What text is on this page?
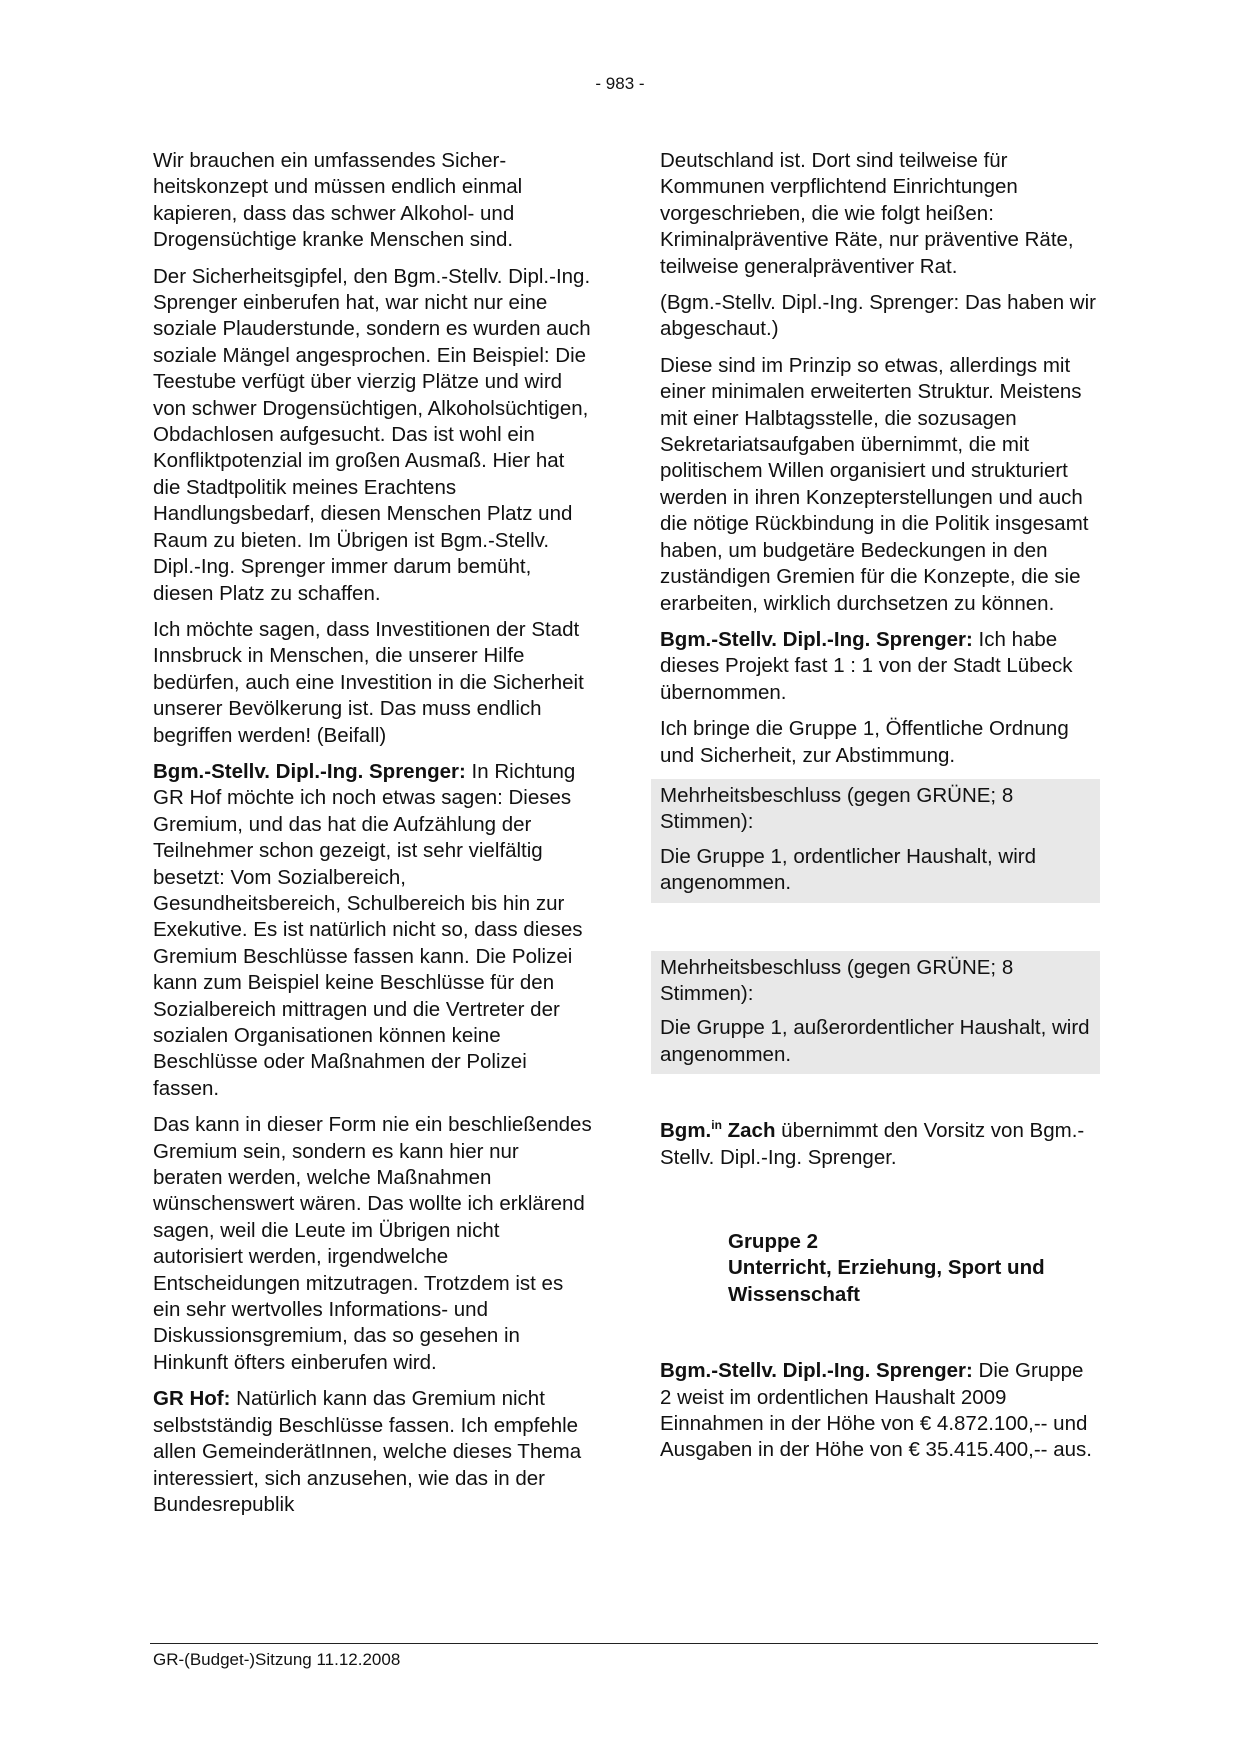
- 983 -

Wir brauchen ein umfassendes Sicherheitskonzept und müssen endlich einmal kapieren, dass das schwer Alkohol- und Drogensüchtige kranke Menschen sind.

Der Sicherheitsgipfel, den Bgm.-Stellv. Dipl.-Ing. Sprenger einberufen hat, war nicht nur eine soziale Plauderstunde, sondern es wurden auch soziale Mängel angesprochen. Ein Beispiel: Die Teestube verfügt über vierzig Plätze und wird von schwer Drogensüchtigen, Alkoholsüchtigen, Obdachlosen aufgesucht. Das ist wohl ein Konfliktpotenzial im großen Ausmaß. Hier hat die Stadtpolitik meines Erachtens Handlungsbedarf, diesen Menschen Platz und Raum zu bieten. Im Übrigen ist Bgm.-Stellv. Dipl.-Ing. Sprenger immer darum bemüht, diesen Platz zu schaffen.

Ich möchte sagen, dass Investitionen der Stadt Innsbruck in Menschen, die unserer Hilfe bedürfen, auch eine Investition in die Sicherheit unserer Bevölkerung ist. Das muss endlich begriffen werden! (Beifall)

Bgm.-Stellv. Dipl.-Ing. Sprenger: In Richtung GR Hof möchte ich noch etwas sagen: Dieses Gremium, und das hat die Aufzählung der Teilnehmer schon gezeigt, ist sehr vielfältig besetzt: Vom Sozialbereich, Gesundheitsbereich, Schulbereich bis hin zur Exekutive. Es ist natürlich nicht so, dass dieses Gremium Beschlüsse fassen kann. Die Polizei kann zum Beispiel keine Beschlüsse für den Sozialbereich mittragen und die Vertreter der sozialen Organisationen können keine Beschlüsse oder Maßnahmen der Polizei fassen.

Das kann in dieser Form nie ein beschließendes Gremium sein, sondern es kann hier nur beraten werden, welche Maßnahmen wünschenswert wären. Das wollte ich erklärend sagen, weil die Leute im Übrigen nicht autorisiert werden, irgendwelche Entscheidungen mitzutragen. Trotzdem ist es ein sehr wertvolles Informations- und Diskussionsgremium, das so gesehen in Hinkunft öfters einberufen wird.

GR Hof: Natürlich kann das Gremium nicht selbstständig Beschlüsse fassen. Ich empfehle allen GemeinderätInnen, welche dieses Thema interessiert, sich anzusehen, wie das in der Bundesrepublik

Deutschland ist. Dort sind teilweise für Kommunen verpflichtend Einrichtungen vorgeschrieben, die wie folgt heißen: Kriminalpräventive Räte, nur präventive Räte, teilweise generalpräventiver Rat.

(Bgm.-Stellv. Dipl.-Ing. Sprenger: Das haben wir abgeschaut.)

Diese sind im Prinzip so etwas, allerdings mit einer minimalen erweiterten Struktur. Meistens mit einer Halbtagsstelle, die sozusagen Sekretariatsaufgaben übernimmt, die mit politischem Willen organisiert und strukturiert werden in ihren Konzepterstellungen und auch die nötige Rückbindung in die Politik insgesamt haben, um budgetäre Bedeckungen in den zuständigen Gremien für die Konzepte, die sie erarbeiten, wirklich durchsetzen zu können.

Bgm.-Stellv. Dipl.-Ing. Sprenger: Ich habe dieses Projekt fast 1 : 1 von der Stadt Lübeck übernommen.

Ich bringe die Gruppe 1, Öffentliche Ordnung und Sicherheit, zur Abstimmung.

Mehrheitsbeschluss (gegen GRÜNE; 8 Stimmen):

Die Gruppe 1, ordentlicher Haushalt, wird angenommen.

Mehrheitsbeschluss (gegen GRÜNE; 8 Stimmen):

Die Gruppe 1, außerordentlicher Haushalt, wird angenommen.

Bgm.$^{in}$ Zach übernimmt den Vorsitz von Bgm.-Stellv. Dipl.-Ing. Sprenger.

Gruppe 2
Unterricht, Erziehung, Sport und
Wissenschaft

Bgm.-Stellv. Dipl.-Ing. Sprenger: Die Gruppe 2 weist im ordentlichen Haushalt 2009 Einnahmen in der Höhe von € 4.872.100,-- und Ausgaben in der Höhe von € 35.415.400,-- aus.

GR-(Budget-)Sitzung 11.12.2008
